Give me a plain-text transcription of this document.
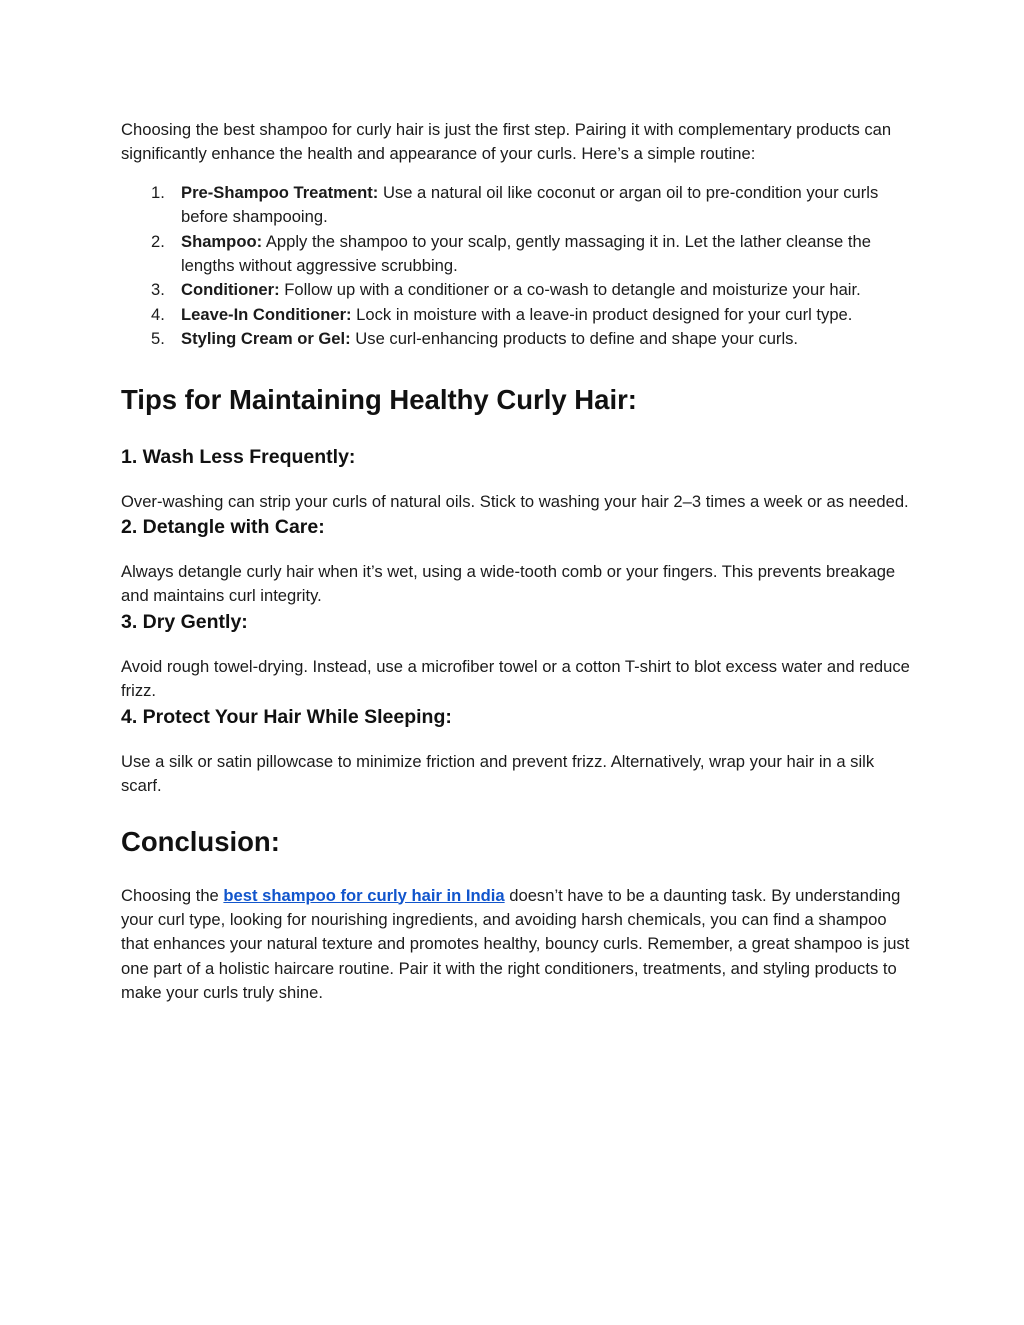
Choosing the best shampoo for curly hair is just the first step. Pairing it with complementary products can significantly enhance the health and appearance of your curls. Here’s a simple routine:

1. Pre-Shampoo Treatment: Use a natural oil like coconut or argan oil to pre-condition your curls before shampooing.
2. Shampoo: Apply the shampoo to your scalp, gently massaging it in. Let the lather cleanse the lengths without aggressive scrubbing.
3. Conditioner: Follow up with a conditioner or a co-wash to detangle and moisturize your hair.
4. Leave-In Conditioner: Lock in moisture with a leave-in product designed for your curl type.
5. Styling Cream or Gel: Use curl-enhancing products to define and shape your curls.
Tips for Maintaining Healthy Curly Hair:
1. Wash Less Frequently:

Over-washing can strip your curls of natural oils. Stick to washing your hair 2–3 times a week or as needed.

2. Detangle with Care:

Always detangle curly hair when it’s wet, using a wide-tooth comb or your fingers. This prevents breakage and maintains curl integrity.

3. Dry Gently:

Avoid rough towel-drying. Instead, use a microfiber towel or a cotton T-shirt to blot excess water and reduce frizz.

4. Protect Your Hair While Sleeping:

Use a silk or satin pillowcase to minimize friction and prevent frizz. Alternatively, wrap your hair in a silk scarf.

Conclusion:

Choosing the best shampoo for curly hair in India doesn’t have to be a daunting task. By understanding your curl type, looking for nourishing ingredients, and avoiding harsh chemicals, you can find a shampoo that enhances your natural texture and promotes healthy, bouncy curls. Remember, a great shampoo is just one part of a holistic haircare routine. Pair it with the right conditioners, treatments, and styling products to make your curls truly shine.
